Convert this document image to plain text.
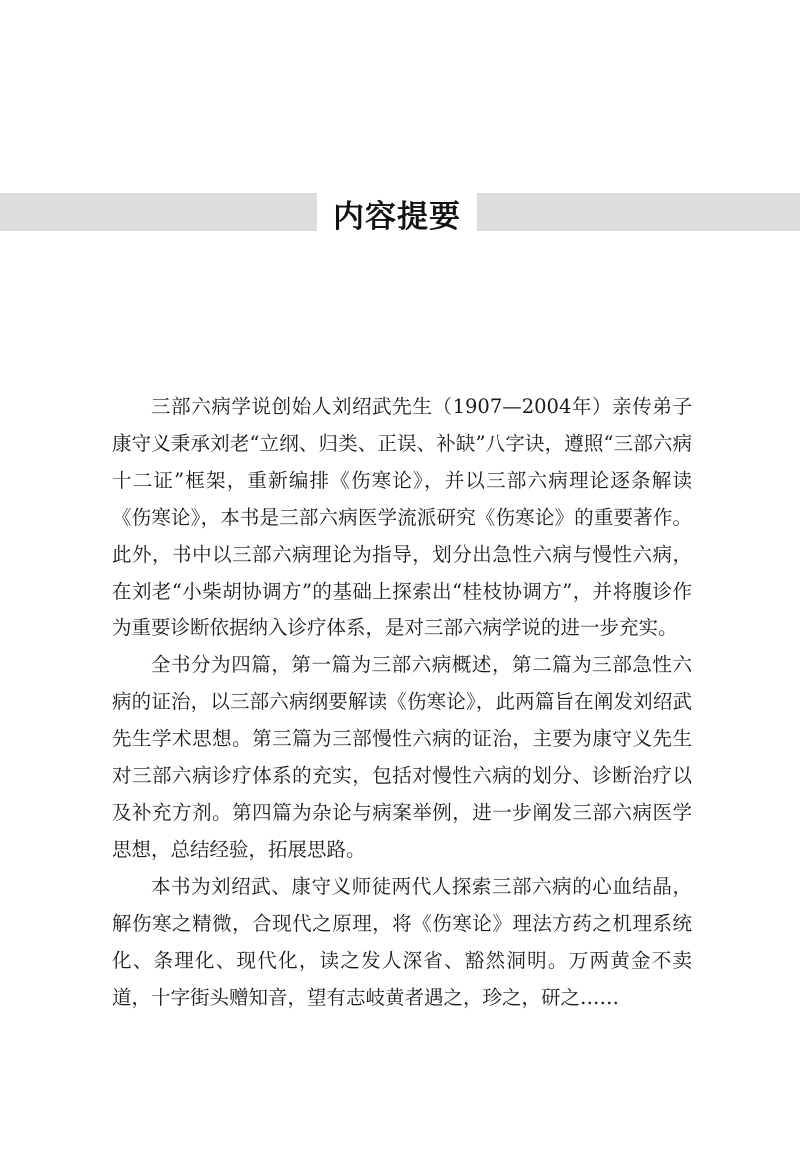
内容提要

三部六病学说创始人刘绍武先生（1907—2004年）亲传弟子康守义秉承刘老“立纲、归类、正误、补缺”八字诀，遵照“三部六病十二证”框架，重新编排《伤寒论》，并以三部六病理论逐条解读《伤寒论》，本书是三部六病医学流派研究《伤寒论》的重要著作。此外，书中以三部六病理论为指导，划分出急性六病与慢性六病，在刘老“小柴胡协调方”的基础上探索出“桂枝协调方”，并将腹诊作为重要诊断依据纳入诊疗体系，是对三部六病学说的进一步充实。

全书分为四篇，第一篇为三部六病概述，第二篇为三部急性六病的证治，以三部六病纲要解读《伤寒论》，此两篇旨在阐发刘绍武先生学术思想。第三篇为三部慢性六病的证治，主要为康守义先生对三部六病诊疗体系的充实，包括对慢性六病的划分、诊断治疗以及补充方剂。第四篇为杂论与病案举例，进一步阐发三部六病医学思想，总结经验，拓展思路。

本书为刘绍武、康守义师徒两代人探索三部六病的心血结晶，解伤寒之精微，合现代之原理，将《伤寒论》理法方药之机理系统化、条理化、现代化，读之发人深省、豁然洞明。万两黄金不卖道，十字街头赠知音，望有志岐黄者遇之，珍之，研之……
